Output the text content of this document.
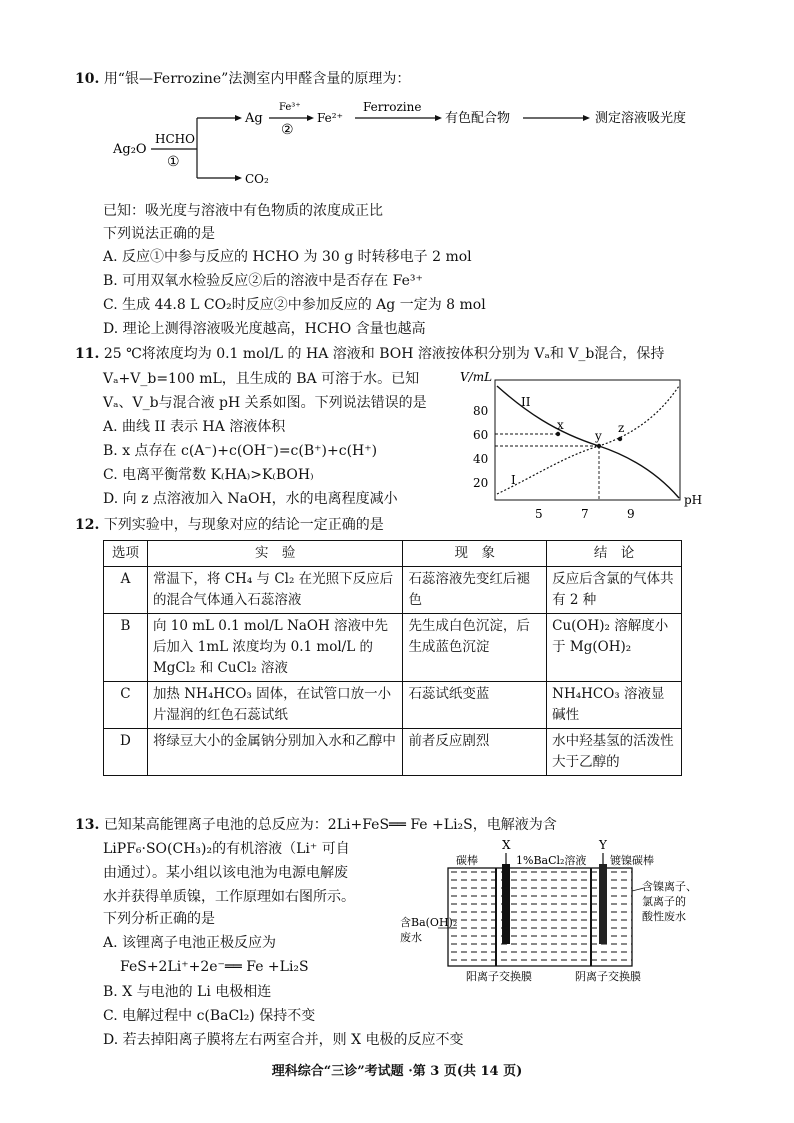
10. 用“银—Ferrozine”法测室内甲醛含量的原理为：
Ag₂O
HCHO
①
Ag
Fe³⁺
②
Fe²⁺
Ferrozine
有色配合物	测定溶液吸光度
CO₂
已知：吸光度与溶液中有色物质的浓度成正比
下列说法正确的是
A. 反应①中参与反应的 HCHO 为 30 g 时转移电子 2 mol
B. 可用双氧水检验反应②后的溶液中是否存在 Fe³⁺
C. 生成 44.8 L CO₂时反应②中参加反应的 Ag 一定为 8 mol
D. 理论上测得溶液吸光度越高，HCHO 含量也越高
11. 25 ℃将浓度均为 0.1 mol/L 的 HA 溶液和 BOH 溶液按体积分别为 Vₐ和 V_b混合，保持
Vₐ+V_b=100 mL，且生成的 BA 可溶于水。已知
Vₐ、V_b与混合液 pH 关系如图。下列说法错误的是
A. 曲线 II 表示 HA 溶液体积
B. x 点存在 c(A⁻)+c(OH⁻)=c(B⁺)+c(H⁺)
C. 电离平衡常数 K₍HA₎>K₍BOH₎
D. 向 z 点溶液加入 NaOH，水的电离程度减小
V/mL
80
60
40
20
5	7	9
pH
II
I
x
y
z
12. 下列实验中，与现象对应的结论一定正确的是
选项	实　验	现　象	结　论
A	常温下，将 CH₄ 与 Cl₂ 在光照下反应后的混合气体通入石蕊溶液	石蕊溶液先变红后褪色	反应后含氯的气体共有 2 种
B	向 10 mL 0.1 mol/L NaOH 溶液中先后加入 1mL 浓度均为 0.1 mol/L 的 MgCl₂ 和 CuCl₂ 溶液	先生成白色沉淀，后生成蓝色沉淀	Cu(OH)₂ 溶解度小于 Mg(OH)₂
C	加热 NH₄HCO₃ 固体，在试管口放一小片湿润的红色石蕊试纸	石蕊试纸变蓝	NH₄HCO₃ 溶液显碱性
D	将绿豆大小的金属钠分别加入水和乙醇中	前者反应剧烈	水中羟基氢的活泼性大于乙醇的
13. 已知某高能锂离子电池的总反应为：2Li+FeS══ Fe +Li₂S，电解液为含
LiPF₆·SO(CH₃)₂的有机溶液（Li⁺ 可自
由通过）。某小组以该电池为电源电解废
水并获得单质镍，工作原理如右图所示。
下列分析正确的是
A. 该锂离子电池正极反应为
FeS+2Li⁺+2e⁻══ Fe +Li₂S
B. X 与电池的 Li 电极相连
C. 电解过程中 c(BaCl₂) 保持不变
D. 若去掉阳离子膜将左右两室合并，则 X 电极的反应不变
X	Y
碳棒	1%BaCl₂溶液 镀镍碳棒
含镍离子、
氯离子的
酸性废水
含Ba(OH)₂
废水
阳离子交换膜	阴离子交换膜
理科综合“三诊”考试题 ·第 3 页(共 14 页)
